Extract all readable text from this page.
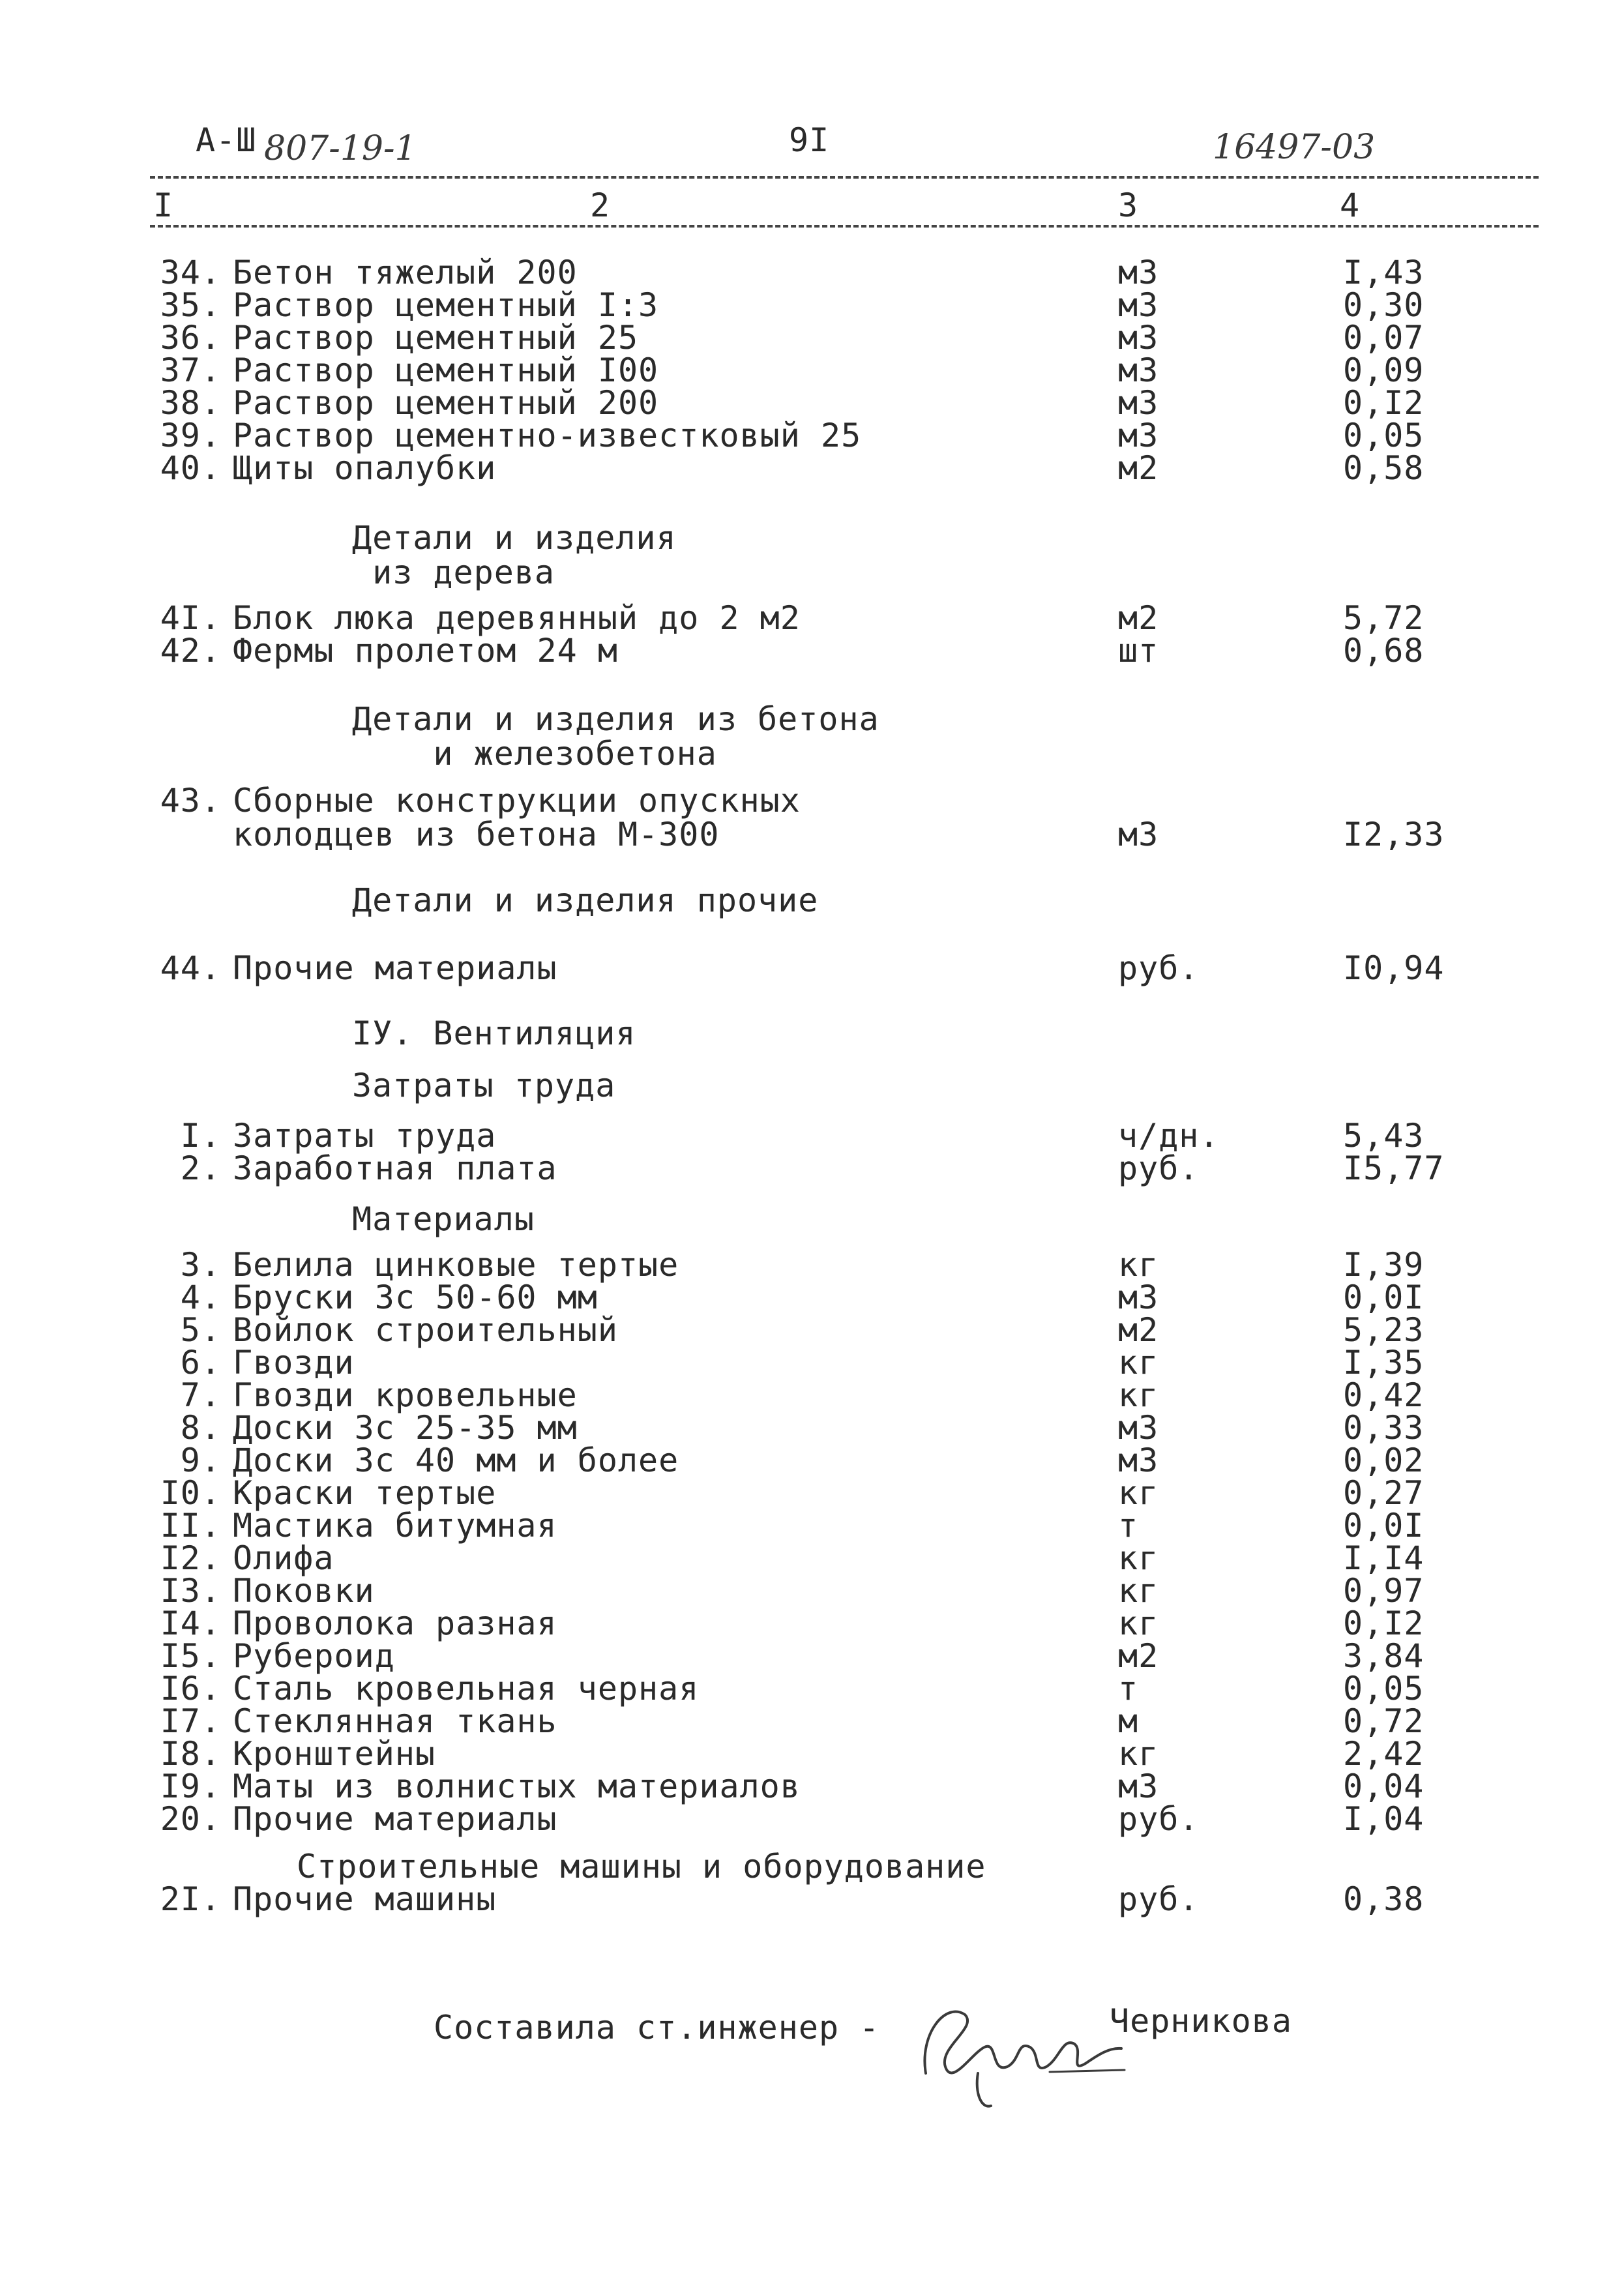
А-Ш 807-19-1	9I	16497-03
I	2	3	4
34. Бетон тяжелый 200	м3	I,43
35. Раствор цементный I:3	м3	0,30
36. Раствор цементный 25	м3	0,07
37. Раствор цементный I00	м3	0,09
38. Раствор цементный 200	м3	0,I2
39. Раствор цементно-известковый 25	м3	0,05
40. Щиты опалубки	м2	0,58
Детали и изделия
из дерева
4I. Блок люка деревянный до 2 м2	м2	5,72
42. Фермы пролетом 24 м	шт	0,68
Детали и изделия из бетона
и железобетона
43. Сборные конструкции опускных
колодцев из бетона М-300	м3	I2,33
Детали и изделия прочие
44. Прочие материалы	руб.	I0,94
IУ. Вентиляция
Затраты труда
I. Затраты труда	ч/дн.	5,43
2. Заработная плата	руб.	I5,77
Материалы
3. Белила цинковые тертые	кг	I,39
4. Бруски 3с 50-60 мм	м3	0,0I
5. Войлок строительный	м2	5,23
6. Гвозди	кг	I,35
7. Гвозди кровельные	кг	0,42
8. Доски 3с 25-35 мм	м3	0,33
9. Доски 3с 40 мм и более	м3	0,02
I0. Краски тертые	кг	0,27
II. Мастика битумная	т	0,0I
I2. Олифа	кг	I,I4
I3. Поковки	кг	0,97
I4. Проволока разная	кг	0,I2
I5. Рубероид	м2	3,84
I6. Сталь кровельная черная	т	0,05
I7. Стеклянная ткань	м	0,72
I8. Кронштейны	кг	2,42
I9. Маты из волнистых материалов	м3	0,04
20. Прочие материалы	руб.	I,04
Строительные машины и оборудование
2I. Прочие машины	руб.	0,38
Составила ст.инженер -	Черникова
